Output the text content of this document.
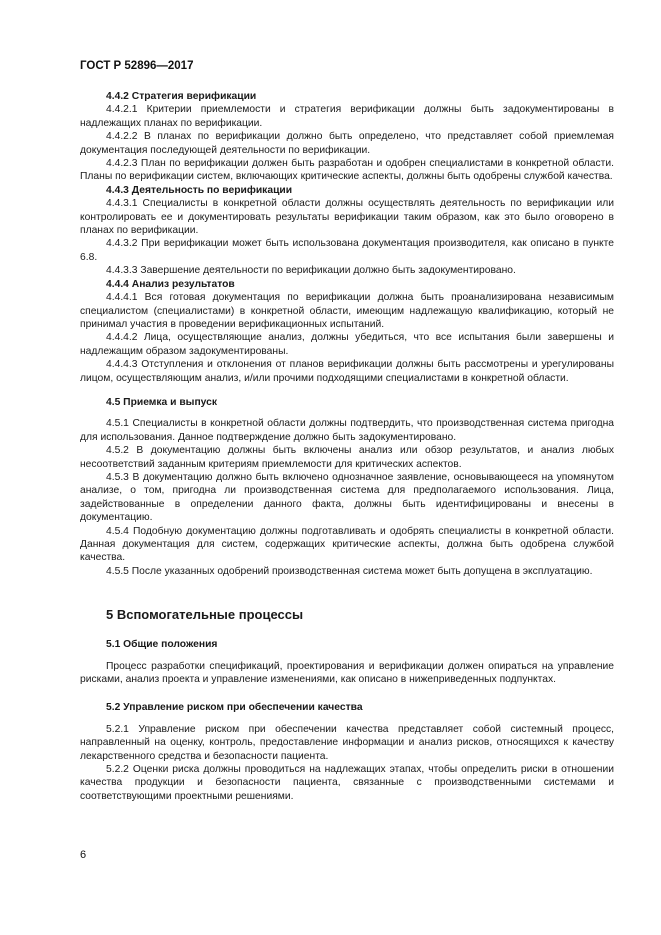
ГОСТ Р 52896—2017

4.4.2 Стратегия верификации

4.4.2.1 Критерии приемлемости и стратегия верификации должны быть задокументированы в надлежащих планах по верификации.

4.4.2.2 В планах по верификации должно быть определено, что представляет собой приемлемая документация последующей деятельности по верификации.

4.4.2.3 План по верификации должен быть разработан и одобрен специалистами в конкретной области. Планы по верификации систем, включающих критические аспекты, должны быть одобрены службой качества.

4.4.3 Деятельность по верификации

4.4.3.1 Специалисты в конкретной области должны осуществлять деятельность по верификации или контролировать ее и документировать результаты верификации таким образом, как это было оговорено в планах по верификации.

4.4.3.2 При верификации может быть использована документация производителя, как описано в пункте 6.8.

4.4.3.3 Завершение деятельности по верификации должно быть задокументировано.

4.4.4 Анализ результатов

4.4.4.1 Вся готовая документация по верификации должна быть проанализирована независимым специалистом (специалистами) в конкретной области, имеющим надлежащую квалификацию, который не принимал участия в проведении верификационных испытаний.

4.4.4.2 Лица, осуществляющие анализ, должны убедиться, что все испытания были завершены и надлежащим образом задокументированы.

4.4.4.3 Отступления и отклонения от планов верификации должны быть рассмотрены и урегулированы лицом, осуществляющим анализ, и/или прочими подходящими специалистами в конкретной области.

4.5 Приемка и выпуск

4.5.1 Специалисты в конкретной области должны подтвердить, что производственная система пригодна для использования. Данное подтверждение должно быть задокументировано.

4.5.2 В документацию должны быть включены анализ или обзор результатов, и анализ любых несоответствий заданным критериям приемлемости для критических аспектов.

4.5.3 В документацию должно быть включено однозначное заявление, основывающееся на упомянутом анализе, о том, пригодна ли производственная система для предполагаемого использования. Лица, задействованные в определении данного факта, должны быть идентифицированы и внесены в документацию.

4.5.4 Подобную документацию должны подготавливать и одобрять специалисты в конкретной области. Данная документация для систем, содержащих критические аспекты, должна быть одобрена службой качества.

4.5.5 После указанных одобрений производственная система может быть допущена в эксплуатацию.

5 Вспомогательные процессы

5.1 Общие положения

Процесс разработки спецификаций, проектирования и верификации должен опираться на управление рисками, анализ проекта и управление изменениями, как описано в нижеприведенных подпунктах.

5.2 Управление риском при обеспечении качества

5.2.1 Управление риском при обеспечении качества представляет собой системный процесс, направленный на оценку, контроль, предоставление информации и анализ рисков, относящихся к качеству лекарственного средства и безопасности пациента.

5.2.2 Оценки риска должны проводиться на надлежащих этапах, чтобы определить риски в отношении качества продукции и безопасности пациента, связанные с производственными системами и соответствующими проектными решениями.

6
